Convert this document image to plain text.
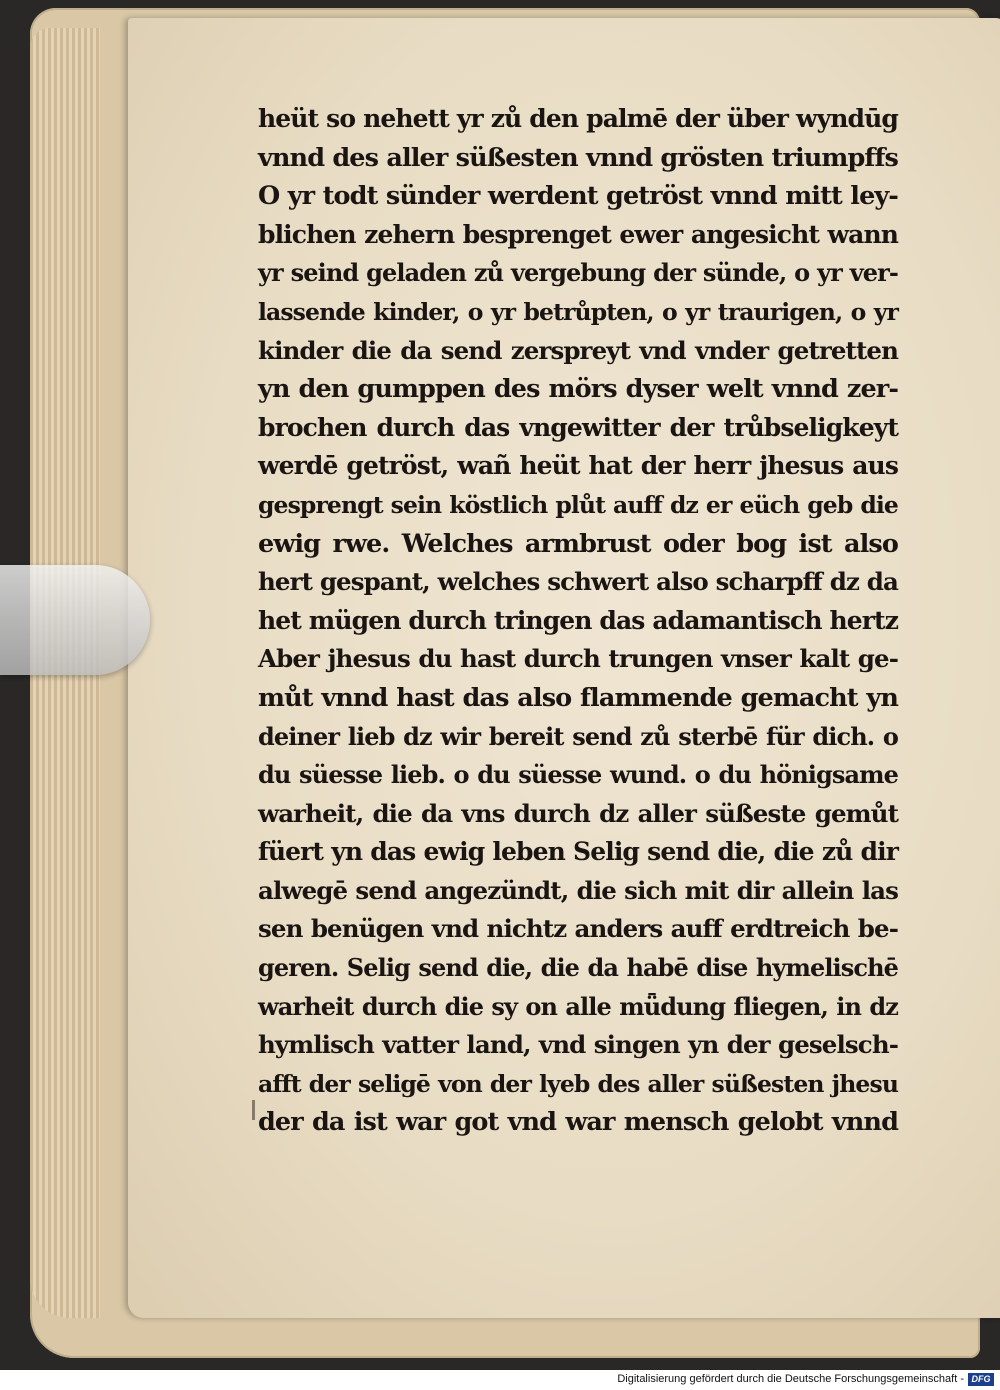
heüt so nehett yr zů den palmē der über wyndūg
vnnd des aller süßesten vnnd grösten triumpffs
O yr todt sünder werdent getröst vnnd mitt ley-
blichen zehern besprenget ewer angesicht wann
yr seind geladen zů vergebung der sünde, o yr ver-
lassende kinder, o yr betrůpten, o yr traurigen, o yr
kinder die da send zerspreyt vnd vnder getretten
yn den gumppen des mörs dyser welt vnnd zer-
brochen durch das vngewitter der trůbseligkeyt
werdē getröst, wañ heüt hat der herr jhesus aus
gesprengt sein köstlich plůt auff dz er eüch geb die
ewig rwe. Welches armbrust oder bog ist also
hert gespant, welches schwert also scharpff dz da
het mügen durch tringen das adamantisch hertz
Aber jhesus du hast durch trungen vnser kalt ge-
můt vnnd hast das also flammende gemacht yn
deiner lieb dz wir bereit send zů sterbē für dich. o
du süesse lieb. o du süesse wund. o du hönigsame
warheit, die da vns durch dz aller süßeste gemůt
füert yn das ewig leben Selig send die, die zů dir
alwegē send angezündt, die sich mit dir allein las
sen benügen vnd nichtz anders auff erdtreich be-
geren. Selig send die, die da habē dise hymelischē
warheit durch die sy on alle mǖdung fliegen, in dz
hymlisch vatter land, vnd singen yn der geselsch-
afft der seligē von der lyeb des aller süßesten jhesu
der da ist war got vnd war mensch gelobt vnnd
Digitalisierung gefördert durch die Deutsche Forschungsgemeinschaft - DFG
